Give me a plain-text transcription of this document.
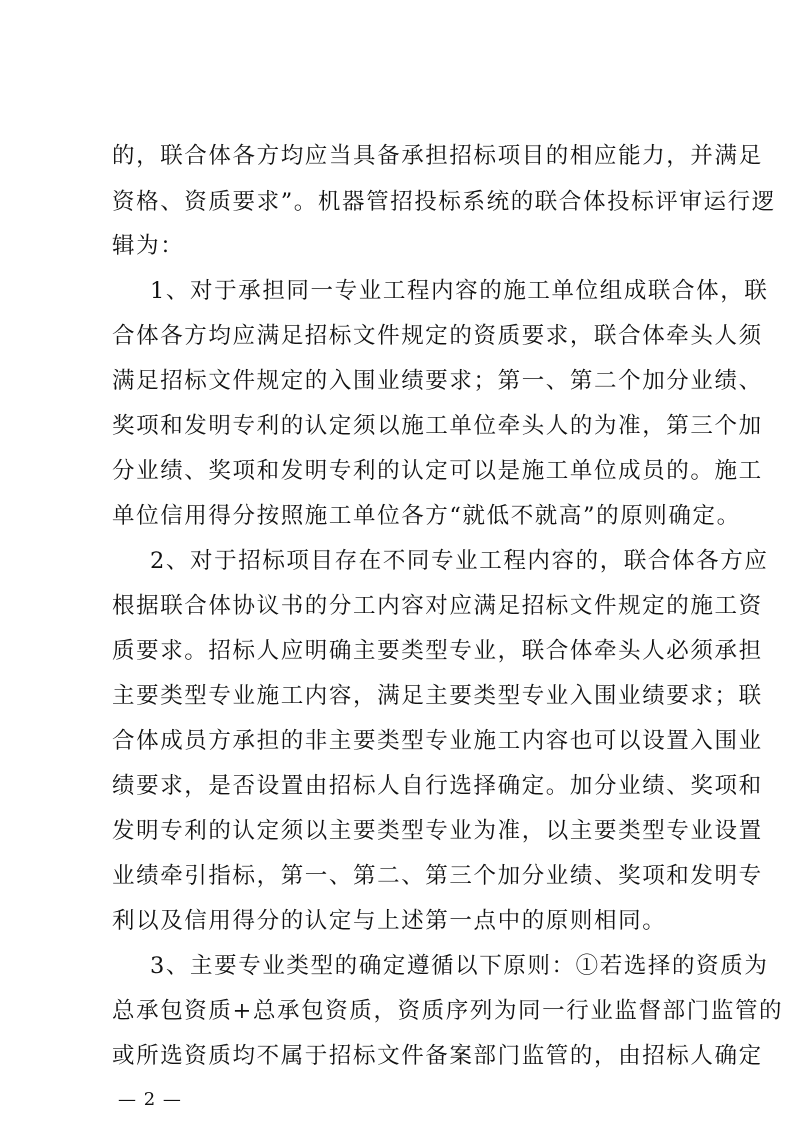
的，联合体各方均应当具备承担招标项目的相应能力，并满足
资格、资质要求”。机器管招投标系统的联合体投标评审运行逻
辑为：
1、对于承担同一专业工程内容的施工单位组成联合体，联
合体各方均应满足招标文件规定的资质要求，联合体牵头人须
满足招标文件规定的入围业绩要求；第一、第二个加分业绩、
奖项和发明专利的认定须以施工单位牵头人的为准，第三个加
分业绩、奖项和发明专利的认定可以是施工单位成员的。施工
单位信用得分按照施工单位各方“就低不就高”的原则确定。
2、对于招标项目存在不同专业工程内容的，联合体各方应
根据联合体协议书的分工内容对应满足招标文件规定的施工资
质要求。招标人应明确主要类型专业，联合体牵头人必须承担
主要类型专业施工内容，满足主要类型专业入围业绩要求；联
合体成员方承担的非主要类型专业施工内容也可以设置入围业
绩要求，是否设置由招标人自行选择确定。加分业绩、奖项和
发明专利的认定须以主要类型专业为准，以主要类型专业设置
业绩牵引指标，第一、第二、第三个加分业绩、奖项和发明专
利以及信用得分的认定与上述第一点中的原则相同。
3、主要专业类型的确定遵循以下原则：①若选择的资质为
总承包资质+总承包资质，资质序列为同一行业监督部门监管的
或所选资质均不属于招标文件备案部门监管的，由招标人确定
— 2 —
